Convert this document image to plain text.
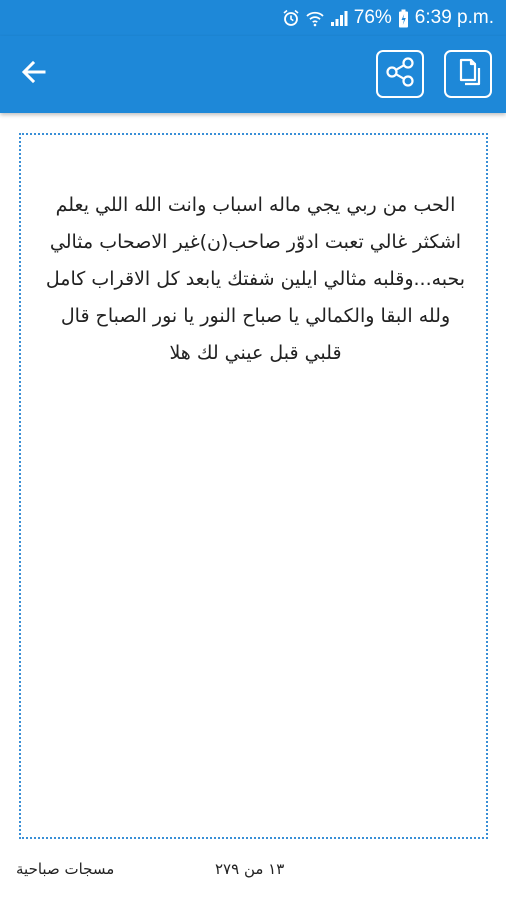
76% 6:39 p.m.

الحب من ربي يجي ماله اسباب وانت الله اللي يعلم اشكثر غالي تعبت ادوّر صاحب(ن)غير الاصحاب مثالي بحبه...وقلبه مثالي ايلين شفتك يابعد كل الاقراب كامل ولله البقا والكمالي يا صباح النور يا نور الصباح قال قلبي قبل عيني لك هلا

مسجات صباحية	١٣ من ٢٧٩
